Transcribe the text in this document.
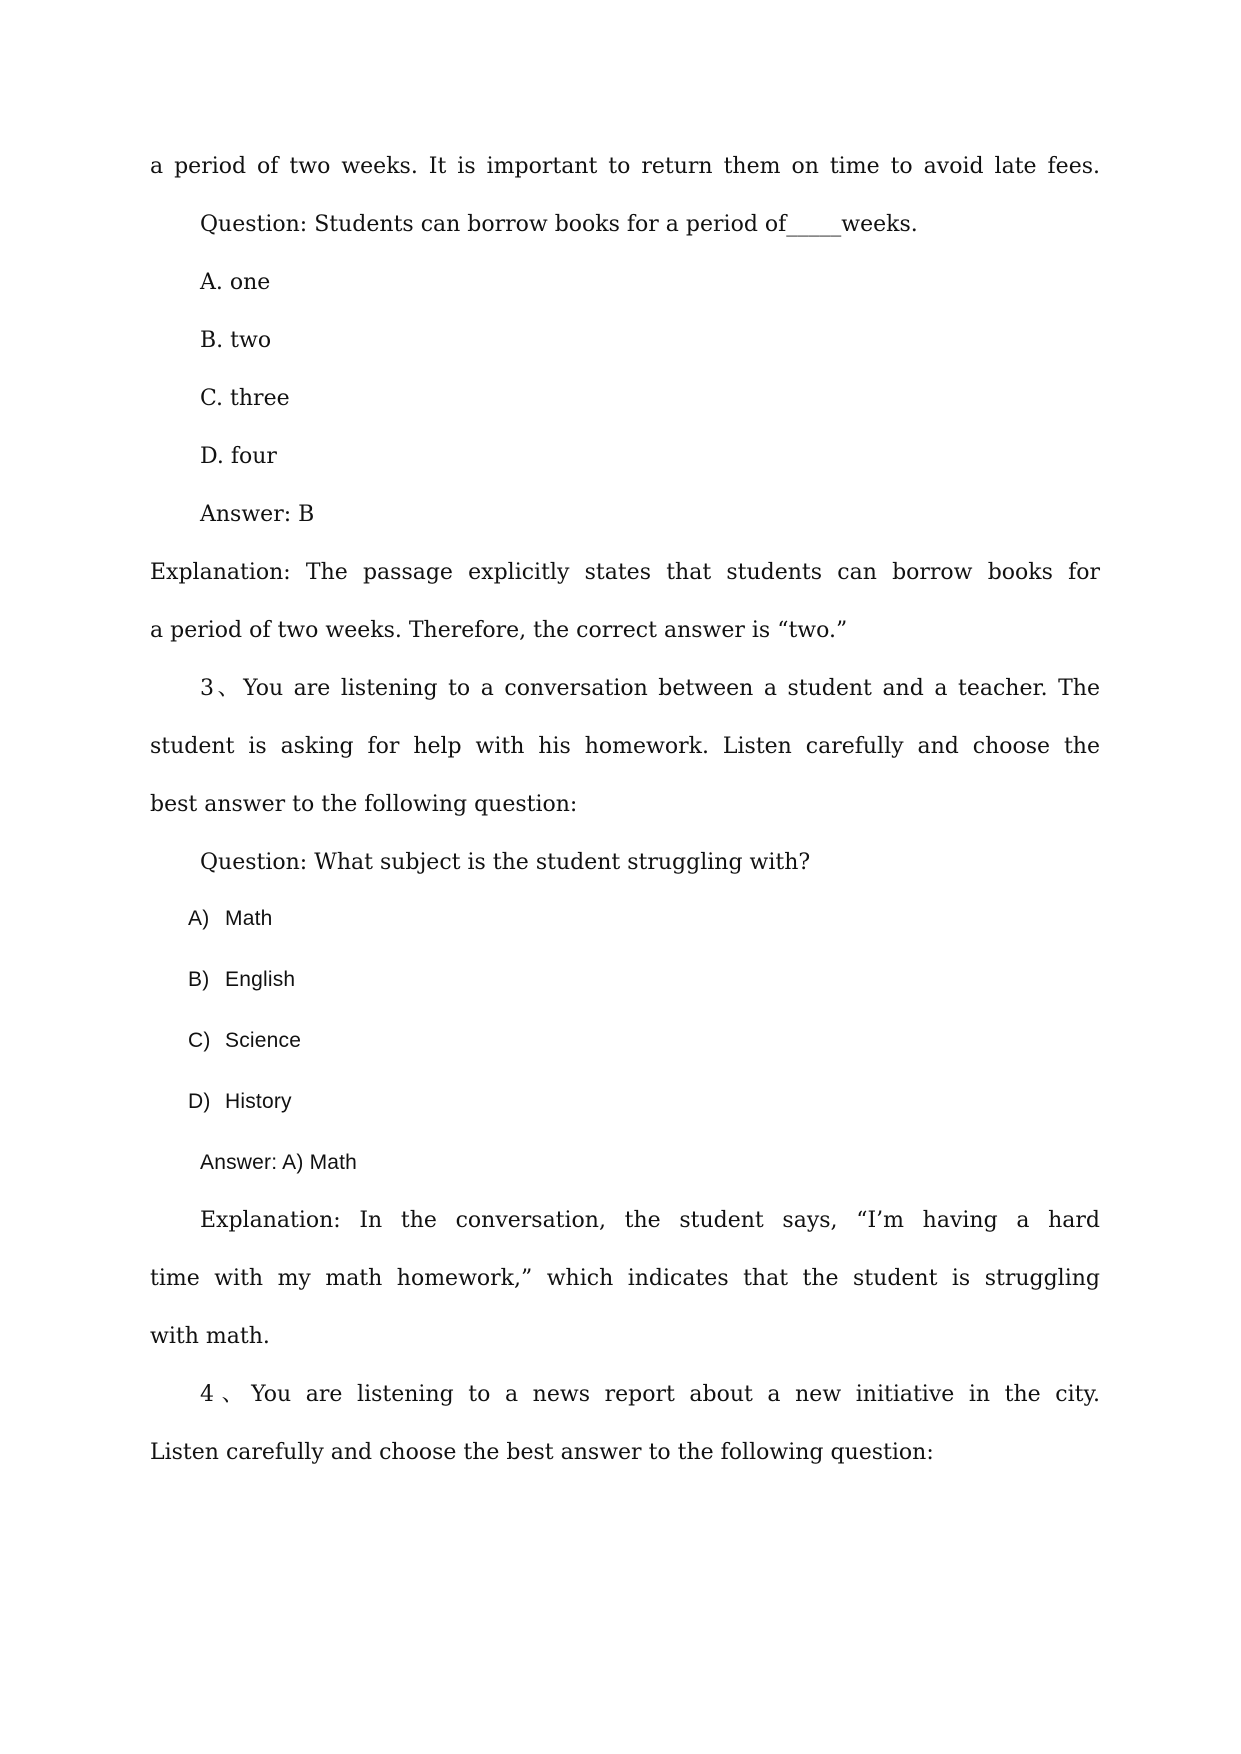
a period of two weeks. It is important to return them on time to avoid late fees.
Question: Students can borrow books for a period of_____weeks.
A. one
B. two
C. three
D. four
Answer: B
Explanation: The passage explicitly states that students can borrow books for
a period of two weeks. Therefore, the correct answer is “two.”
3、You are listening to a conversation between a student and a teacher. The
student is asking for help with his homework. Listen carefully and choose the
best answer to the following question:
Question: What subject is the student struggling with?
A) Math
B) English
C) Science
D) History
Answer: A) Math
Explanation: In the conversation, the student says, “I’m having a hard
time with my math homework,” which indicates that the student is struggling
with math.
4、You are listening to a news report about a new initiative in the city.
Listen carefully and choose the best answer to the following question:
